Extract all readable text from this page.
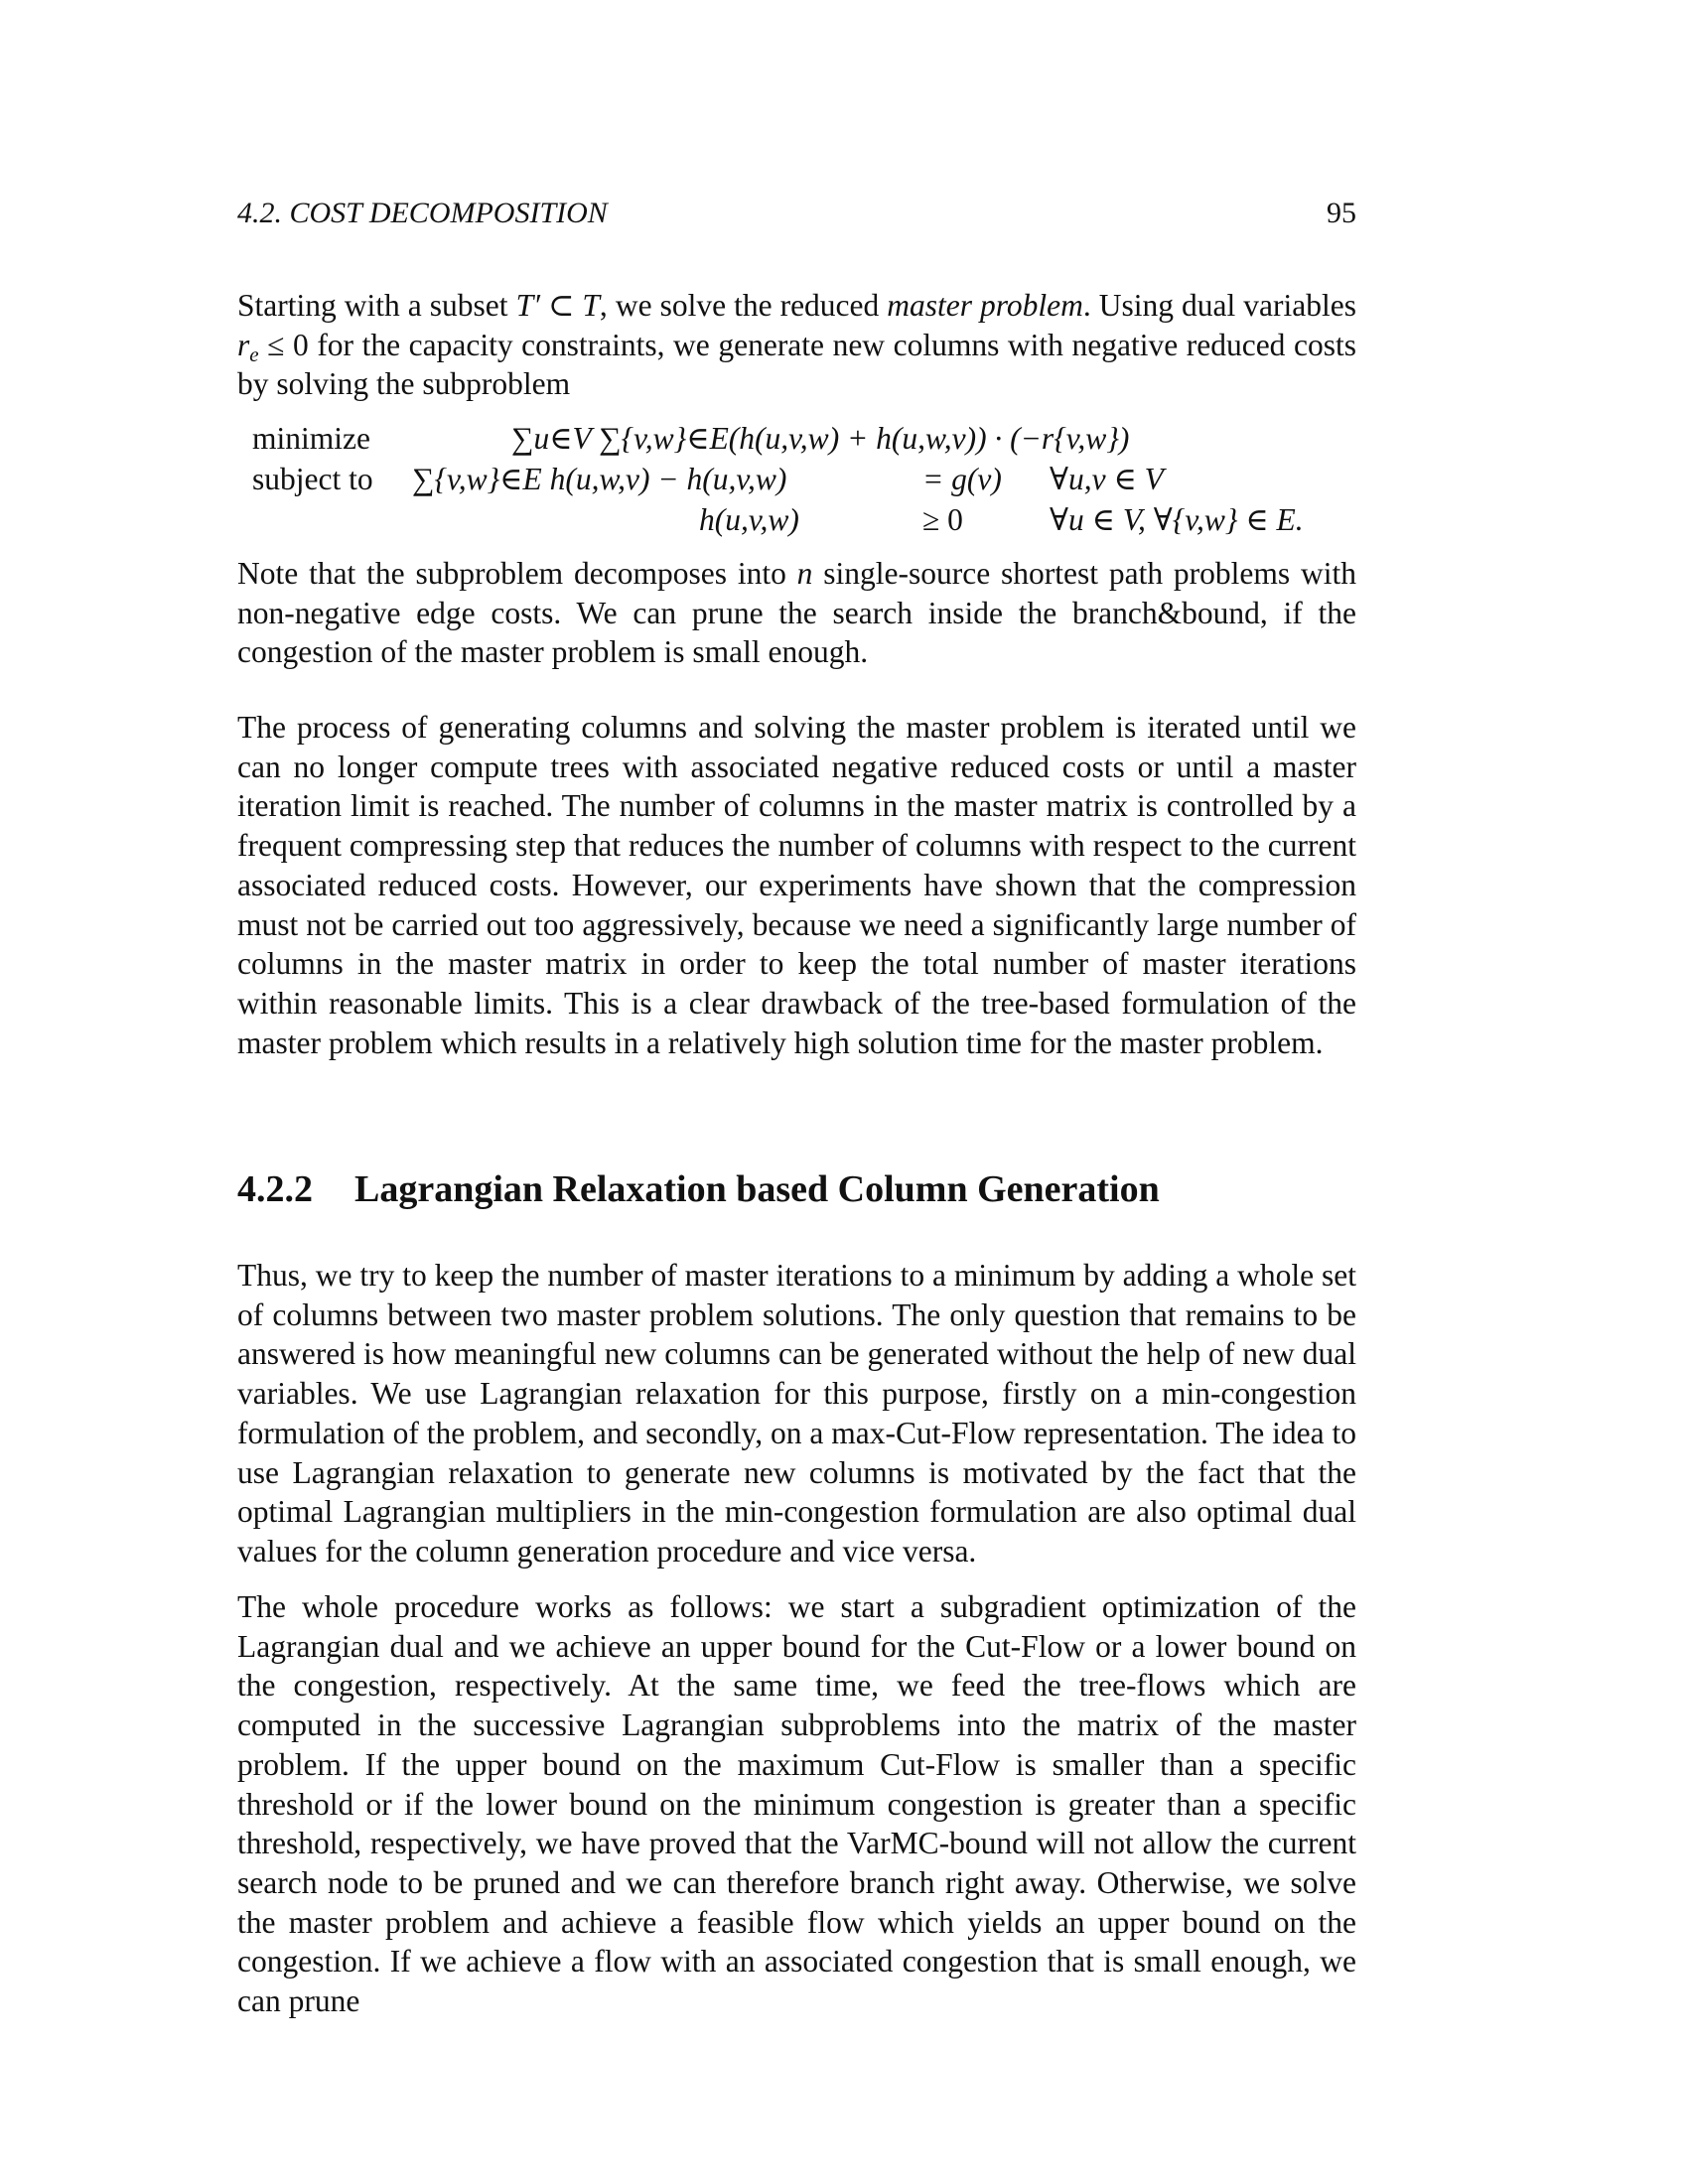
4.2. COST DECOMPOSITION	95

Starting with a subset T′ ⊂ T, we solve the reduced master problem. Using dual variables $r_e \le 0$ for the capacity constraints, we generate new columns with negative reduced costs by solving the subproblem

minimize	∑u∈V ∑{v,w}∈E(h(u,v,w) + h(u,w,v)) · (−r{v,w})
subject to ∑{v,w}∈E h(u,w,v) − h(u,v,w)	= g(v) ∀u,v ∈ V
h(u,v,w)	≥ 0	∀u ∈ V, ∀{v,w} ∈ E.

Note that the subproblem decomposes into n single-source shortest path problems with non-negative edge costs. We can prune the search inside the branch&bound, if the congestion of the master problem is small enough.

The process of generating columns and solving the master problem is iterated until we can no longer compute trees with associated negative reduced costs or until a master iteration limit is reached. The number of columns in the master matrix is controlled by a frequent compressing step that reduces the number of columns with respect to the current associated reduced costs. However, our experiments have shown that the compression must not be carried out too aggressively, because we need a significantly large number of columns in the master matrix in order to keep the total number of master iterations within reasonable limits. This is a clear drawback of the tree-based formulation of the master problem which results in a relatively high solution time for the master problem.

4.2.2 Lagrangian Relaxation based Column Generation

Thus, we try to keep the number of master iterations to a minimum by adding a whole set of columns between two master problem solutions. The only question that remains to be answered is how meaningful new columns can be generated without the help of new dual variables. We use Lagrangian relaxation for this purpose, firstly on a min-congestion formulation of the problem, and secondly, on a max-Cut-Flow representation. The idea to use Lagrangian relaxation to generate new columns is motivated by the fact that the optimal Lagrangian multipliers in the min-congestion formulation are also optimal dual values for the column generation procedure and vice versa.

The whole procedure works as follows: we start a subgradient optimization of the Lagrangian dual and we achieve an upper bound for the Cut-Flow or a lower bound on the congestion, respectively. At the same time, we feed the tree-flows which are computed in the successive Lagrangian subproblems into the matrix of the master problem. If the upper bound on the maximum Cut-Flow is smaller than a specific threshold or if the lower bound on the minimum congestion is greater than a specific threshold, respectively, we have proved that the VarMC-bound will not allow the current search node to be pruned and we can therefore branch right away. Otherwise, we solve the master problem and achieve a feasible flow which yields an upper bound on the congestion. If we achieve a flow with an associated congestion that is small enough, we can prune
